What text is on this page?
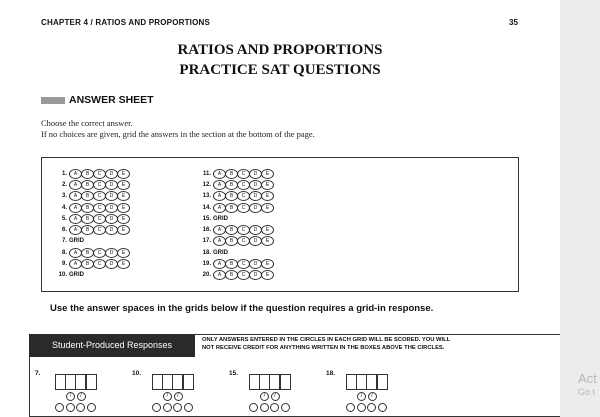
CHAPTER 4 / RATIOS AND PROPORTIONS	35
RATIOS AND PROPORTIONS
PRACTICE SAT QUESTIONS
ANSWER SHEET
Choose the correct answer.
If no choices are given, grid the answers in the section at the bottom of the page.
1.	A	B	C	D	E
2.	A	B	C	D	E
3.	A	B	C	D	E
4.	A	B	C	D	E
5.	A	B	C	D	E
6.	A	B	C	D	E
7. GRID
8.	A	B	C	D	E
9.	A	B	C	D	E
10. GRID
11.	A	B	C	D	E
12.	A	B	C	D	E
13.	A	B	C	D	E
14.	A	B	C	D	E
15. GRID
16.	A	B	C	D	E
17.	A	B	C	D	E
18. GRID
19.	A	B	C	D	E
20.	A	B	C	D	E
Use the answer spaces in the grids below if the question requires a grid-in response.
Student-Produced Responses	ONLY ANSWERS ENTERED IN THE CIRCLES IN EACH GRID WILL BE SCORED. YOU WILL
NOT RECEIVE CREDIT FOR ANYTHING WRITTEN IN THE BOXES ABOVE THE CIRCLES.
7.
/	/
10.
/	/
15.
/	/
18.
/	/
Act
Go t
